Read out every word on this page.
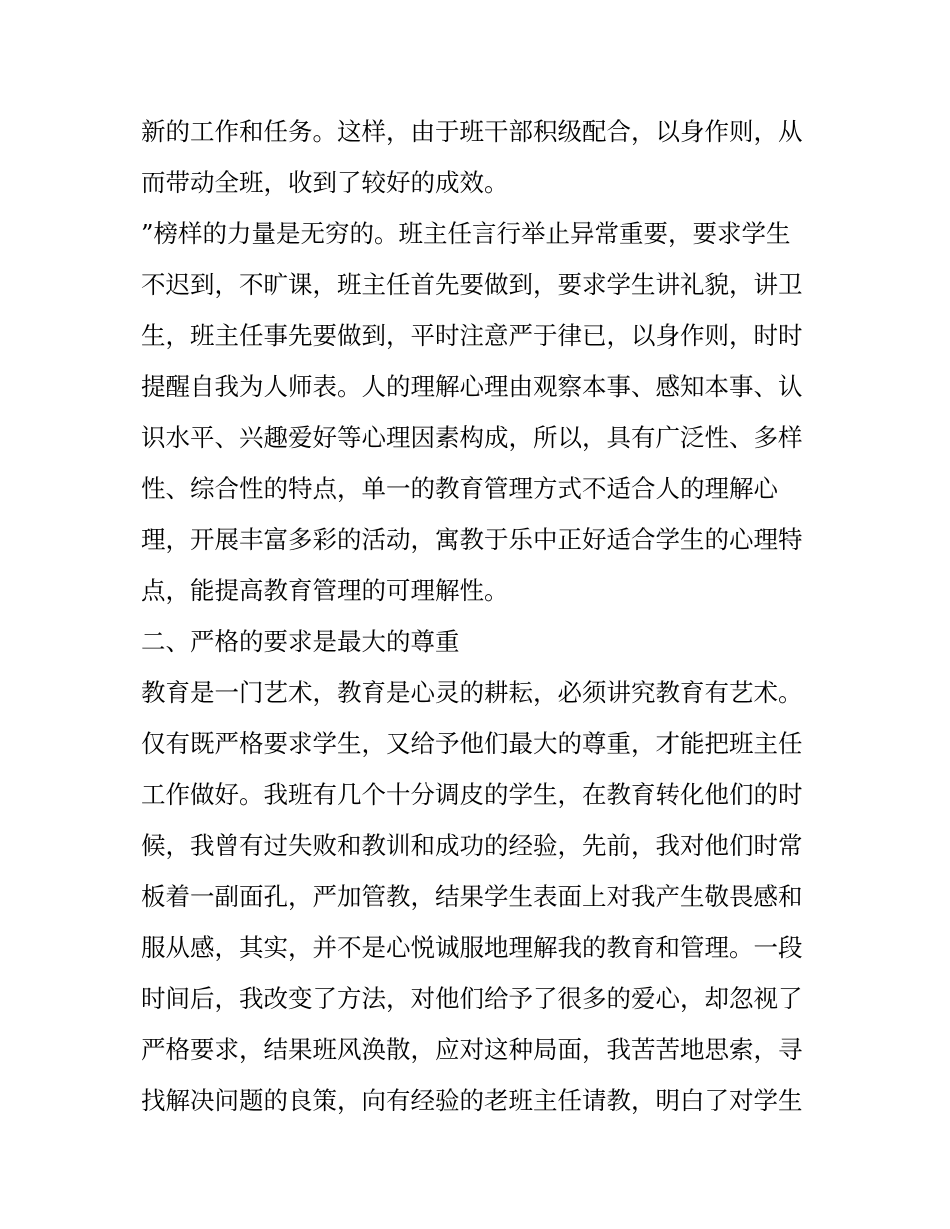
新的工作和任务。这样，由于班干部积级配合，以身作则，从
而带动全班，收到了较好的成效。
”榜样的力量是无穷的。班主任言行举止异常重要，要求学生
不迟到，不旷课，班主任首先要做到，要求学生讲礼貌，讲卫
生，班主任事先要做到，平时注意严于律已，以身作则，时时
提醒自我为人师表。人的理解心理由观察本事、感知本事、认
识水平、兴趣爱好等心理因素构成，所以，具有广泛性、多样
性、综合性的特点，单一的教育管理方式不适合人的理解心
理，开展丰富多彩的活动，寓教于乐中正好适合学生的心理特
点，能提高教育管理的可理解性。
二、严格的要求是最大的尊重
教育是一门艺术，教育是心灵的耕耘，必须讲究教育有艺术。
仅有既严格要求学生，又给予他们最大的尊重，才能把班主任
工作做好。我班有几个十分调皮的学生，在教育转化他们的时
候，我曾有过失败和教训和成功的经验，先前，我对他们时常
板着一副面孔，严加管教，结果学生表面上对我产生敬畏感和
服从感，其实，并不是心悦诚服地理解我的教育和管理。一段
时间后，我改变了方法，对他们给予了很多的爱心，却忽视了
严格要求，结果班风涣散，应对这种局面，我苦苦地思索，寻
找解决问题的良策，向有经验的老班主任请教，明白了对学生
